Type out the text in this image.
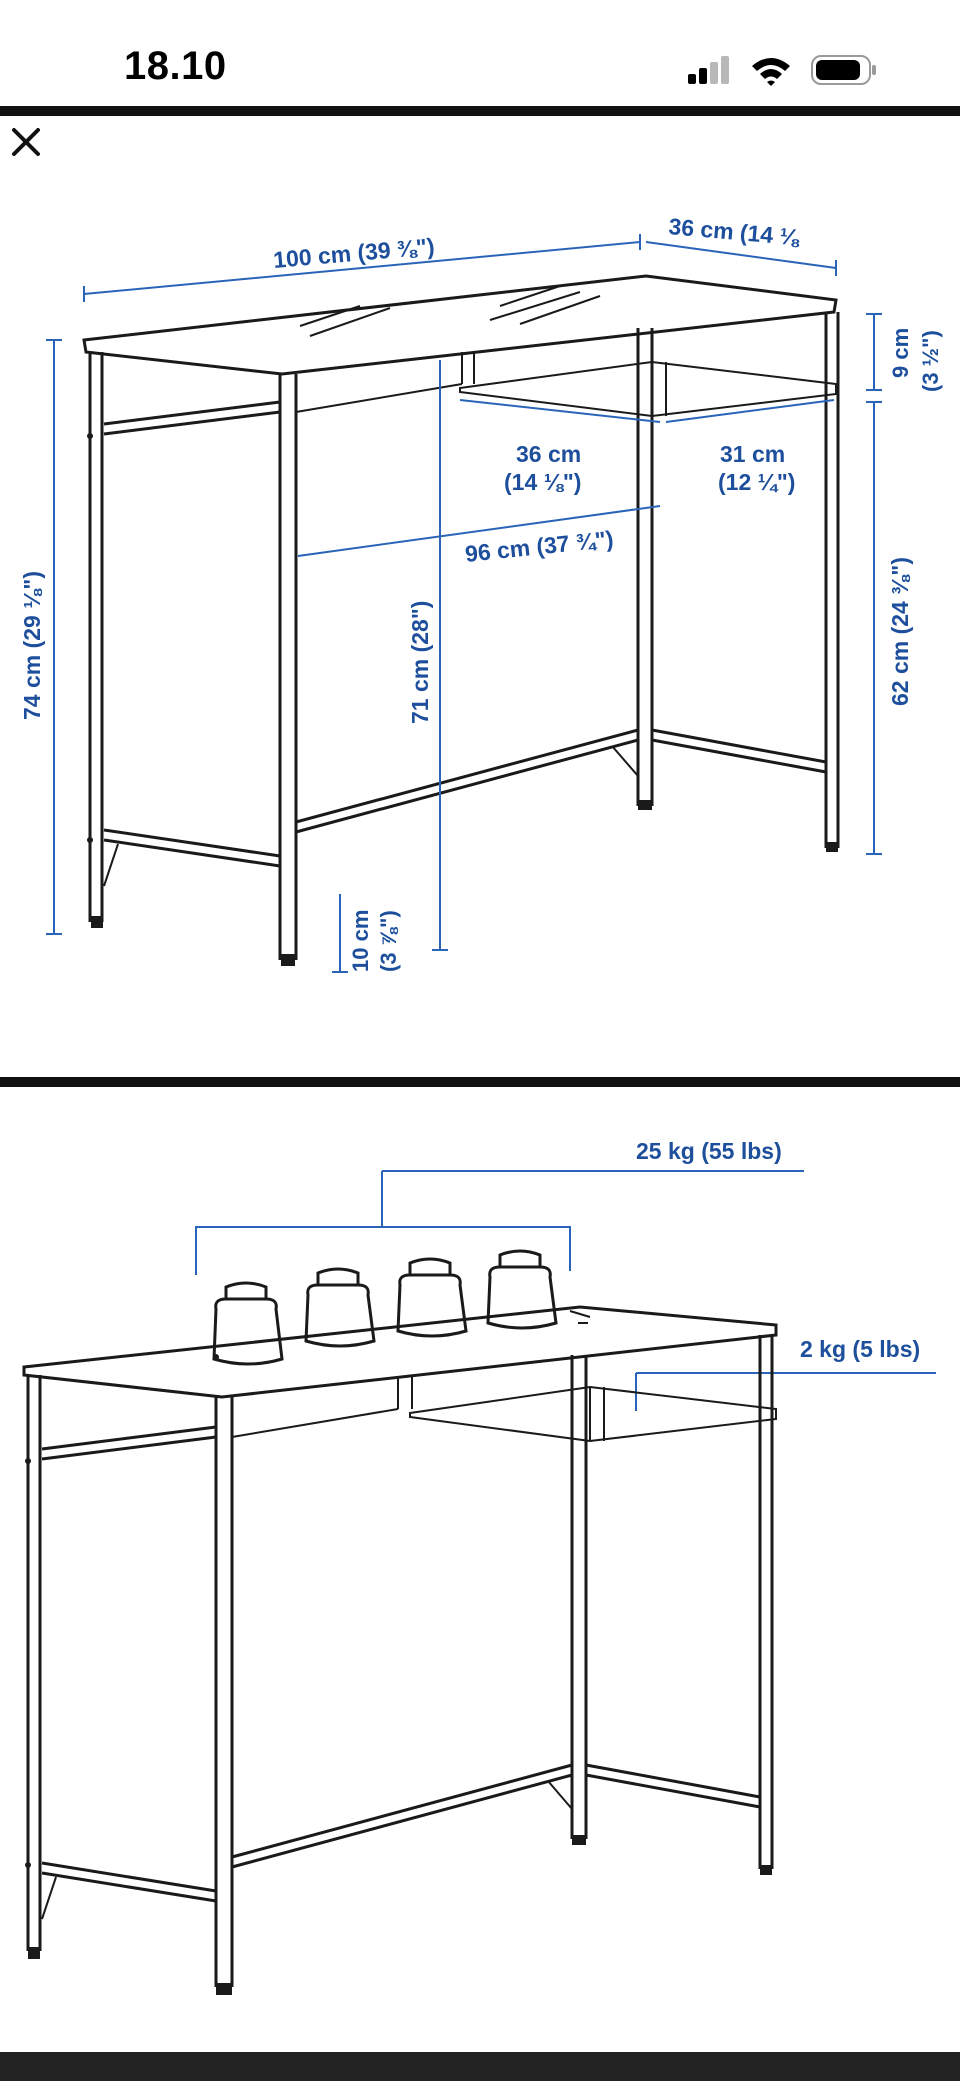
18.10
100 cm (39 ⅜")
36 cm (14 ⅛
9 cm (3 ½")
36 cm
(14 ⅛")
31 cm
(12 ¼")
96 cm (37 ¾")
74 cm (29 ⅛")	71 cm (28")	62 cm (24 ⅜")
10 cm (3 ⅞")
25 kg (55 lbs)
2 kg (5 lbs)
